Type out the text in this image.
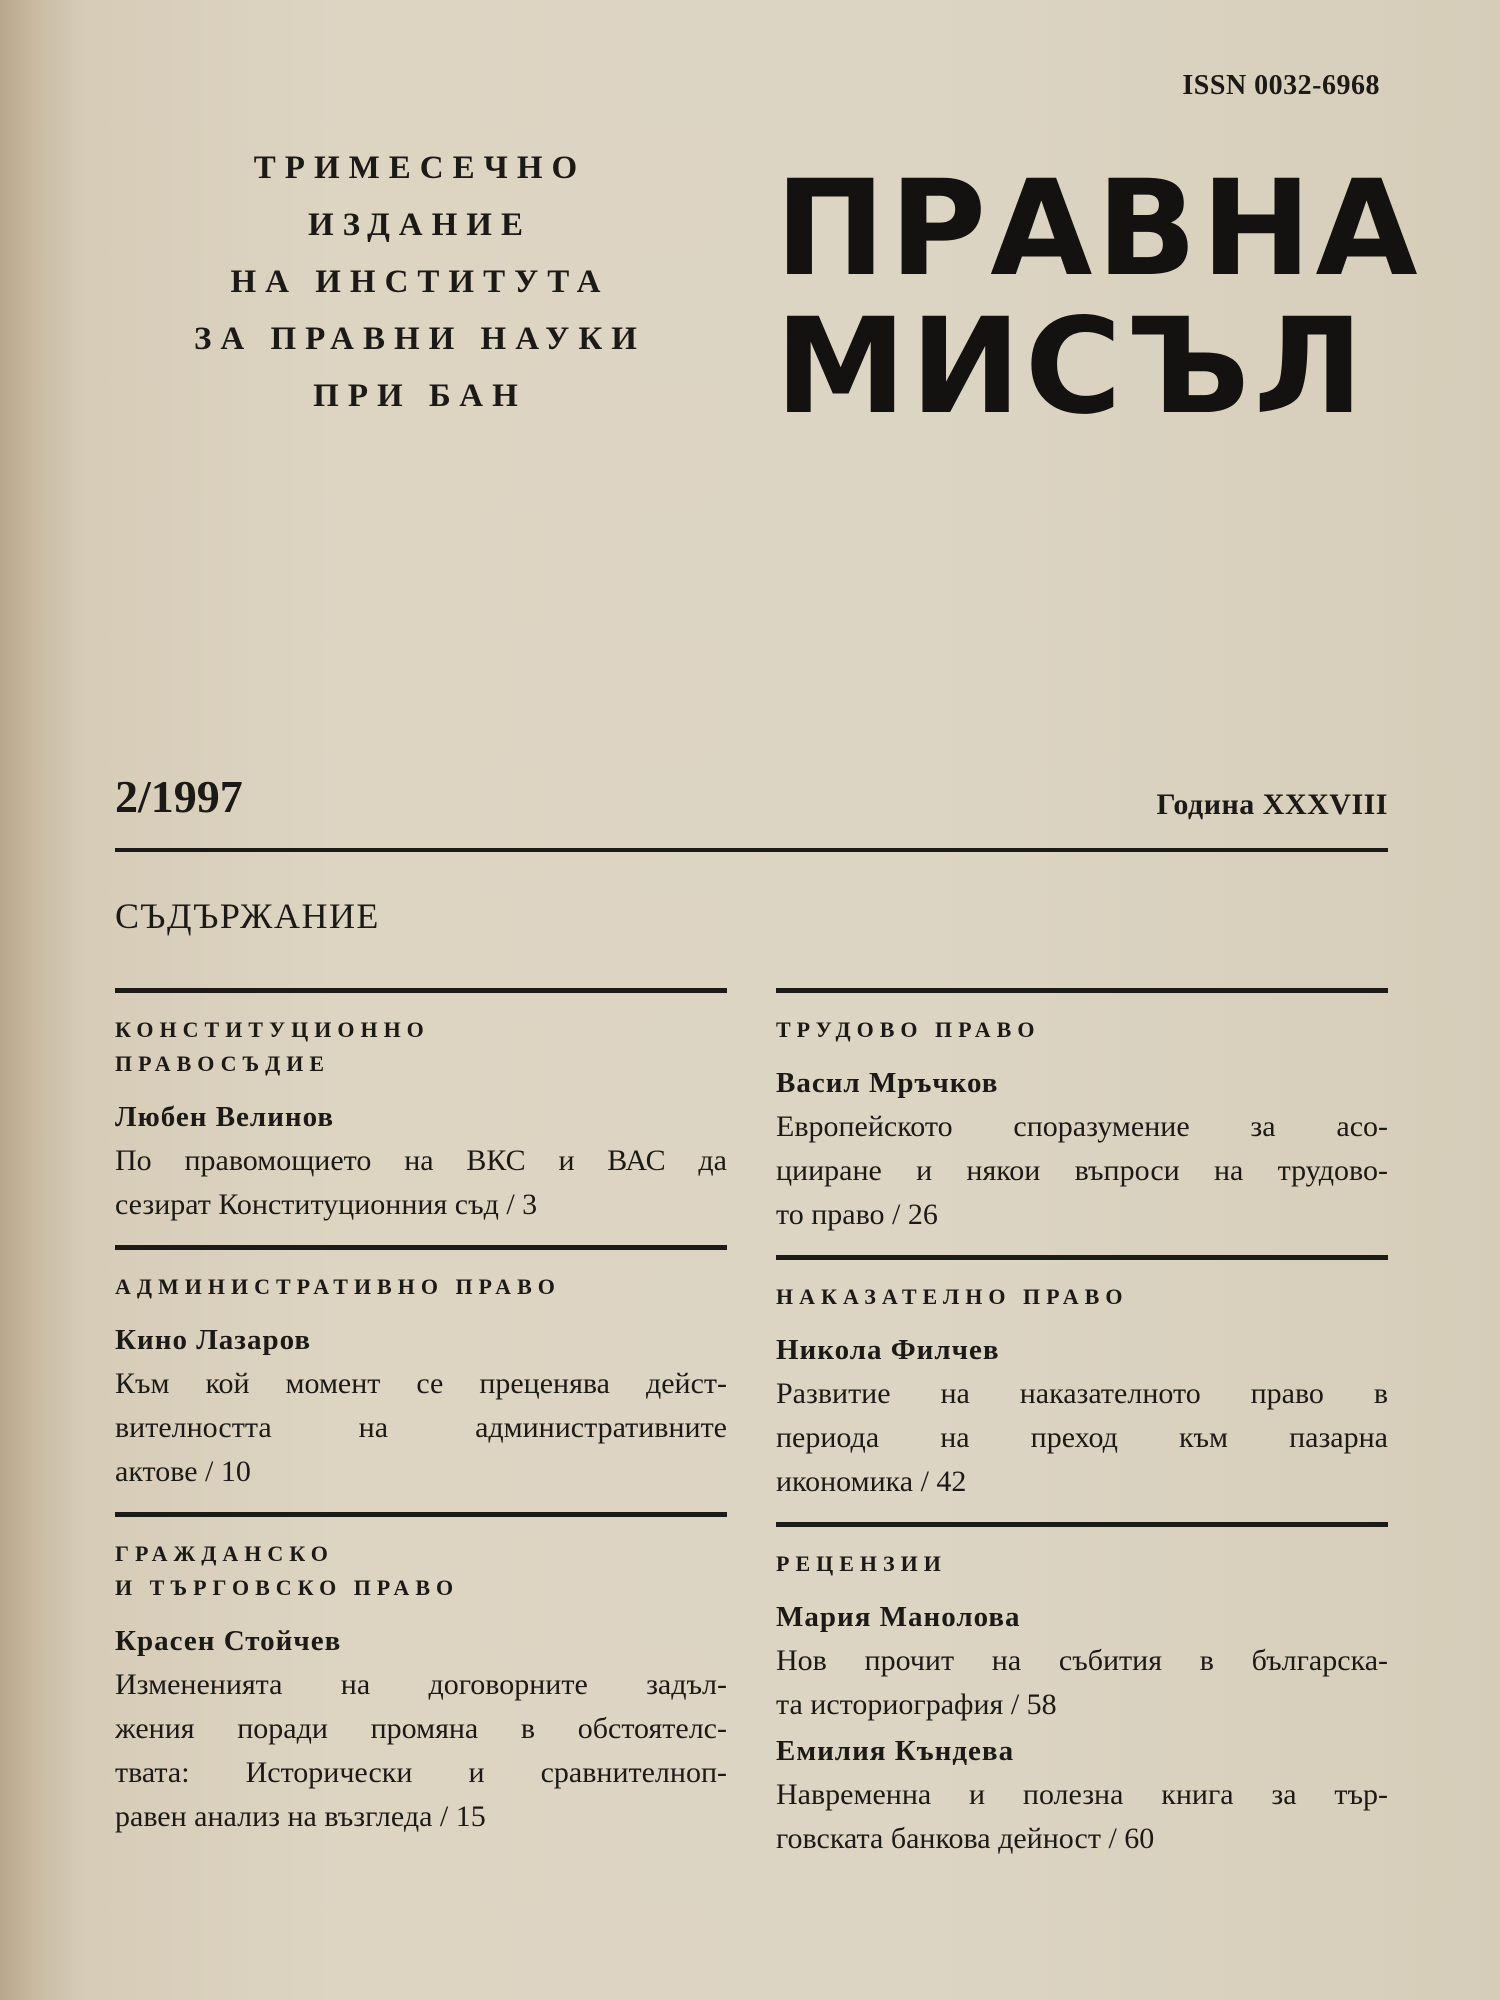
ISSN 0032-6968
ТРИМЕСЕЧНО
ИЗДАНИЕ
НА ИНСТИТУТА
ЗА ПРАВНИ НАУКИ
ПРИ БАН
ПРАВНА
МИСЪЛ
2/1997	Година XXXVIII
СЪДЪРЖАНИЕ
КОНСТИТУЦИОННО
ПРАВОСЪДИЕ
Любен Велинов
По правомощието на ВКС и ВАС да
сезират Конституционния съд / 3
АДМИНИСТРАТИВНО ПРАВО
Кино Лазаров
Към кой момент се преценява дейст-
вителността на административните
актове / 10
ГРАЖДАНСКО
И ТЪРГОВСКО ПРАВО
Красен Стойчев
Измененията на договорните задъл-
жения поради промяна в обстоятелс-
твата: Исторически и сравнителноп-
равен анализ на възгледа / 15
ТРУДОВО ПРАВО
Васил Мръчков
Европейското споразумение за асо-
цииране и някои въпроси на трудово-
то право / 26
НАКАЗАТЕЛНО ПРАВО
Никола Филчев
Развитие на наказателното право в
периода на преход към пазарна
икономика / 42
РЕЦЕНЗИИ
Мария Манолова
Нов прочит на събития в българска-
та историография / 58
Емилия Къндева
Навременна и полезна книга за тър-
говската банкова дейност / 60
